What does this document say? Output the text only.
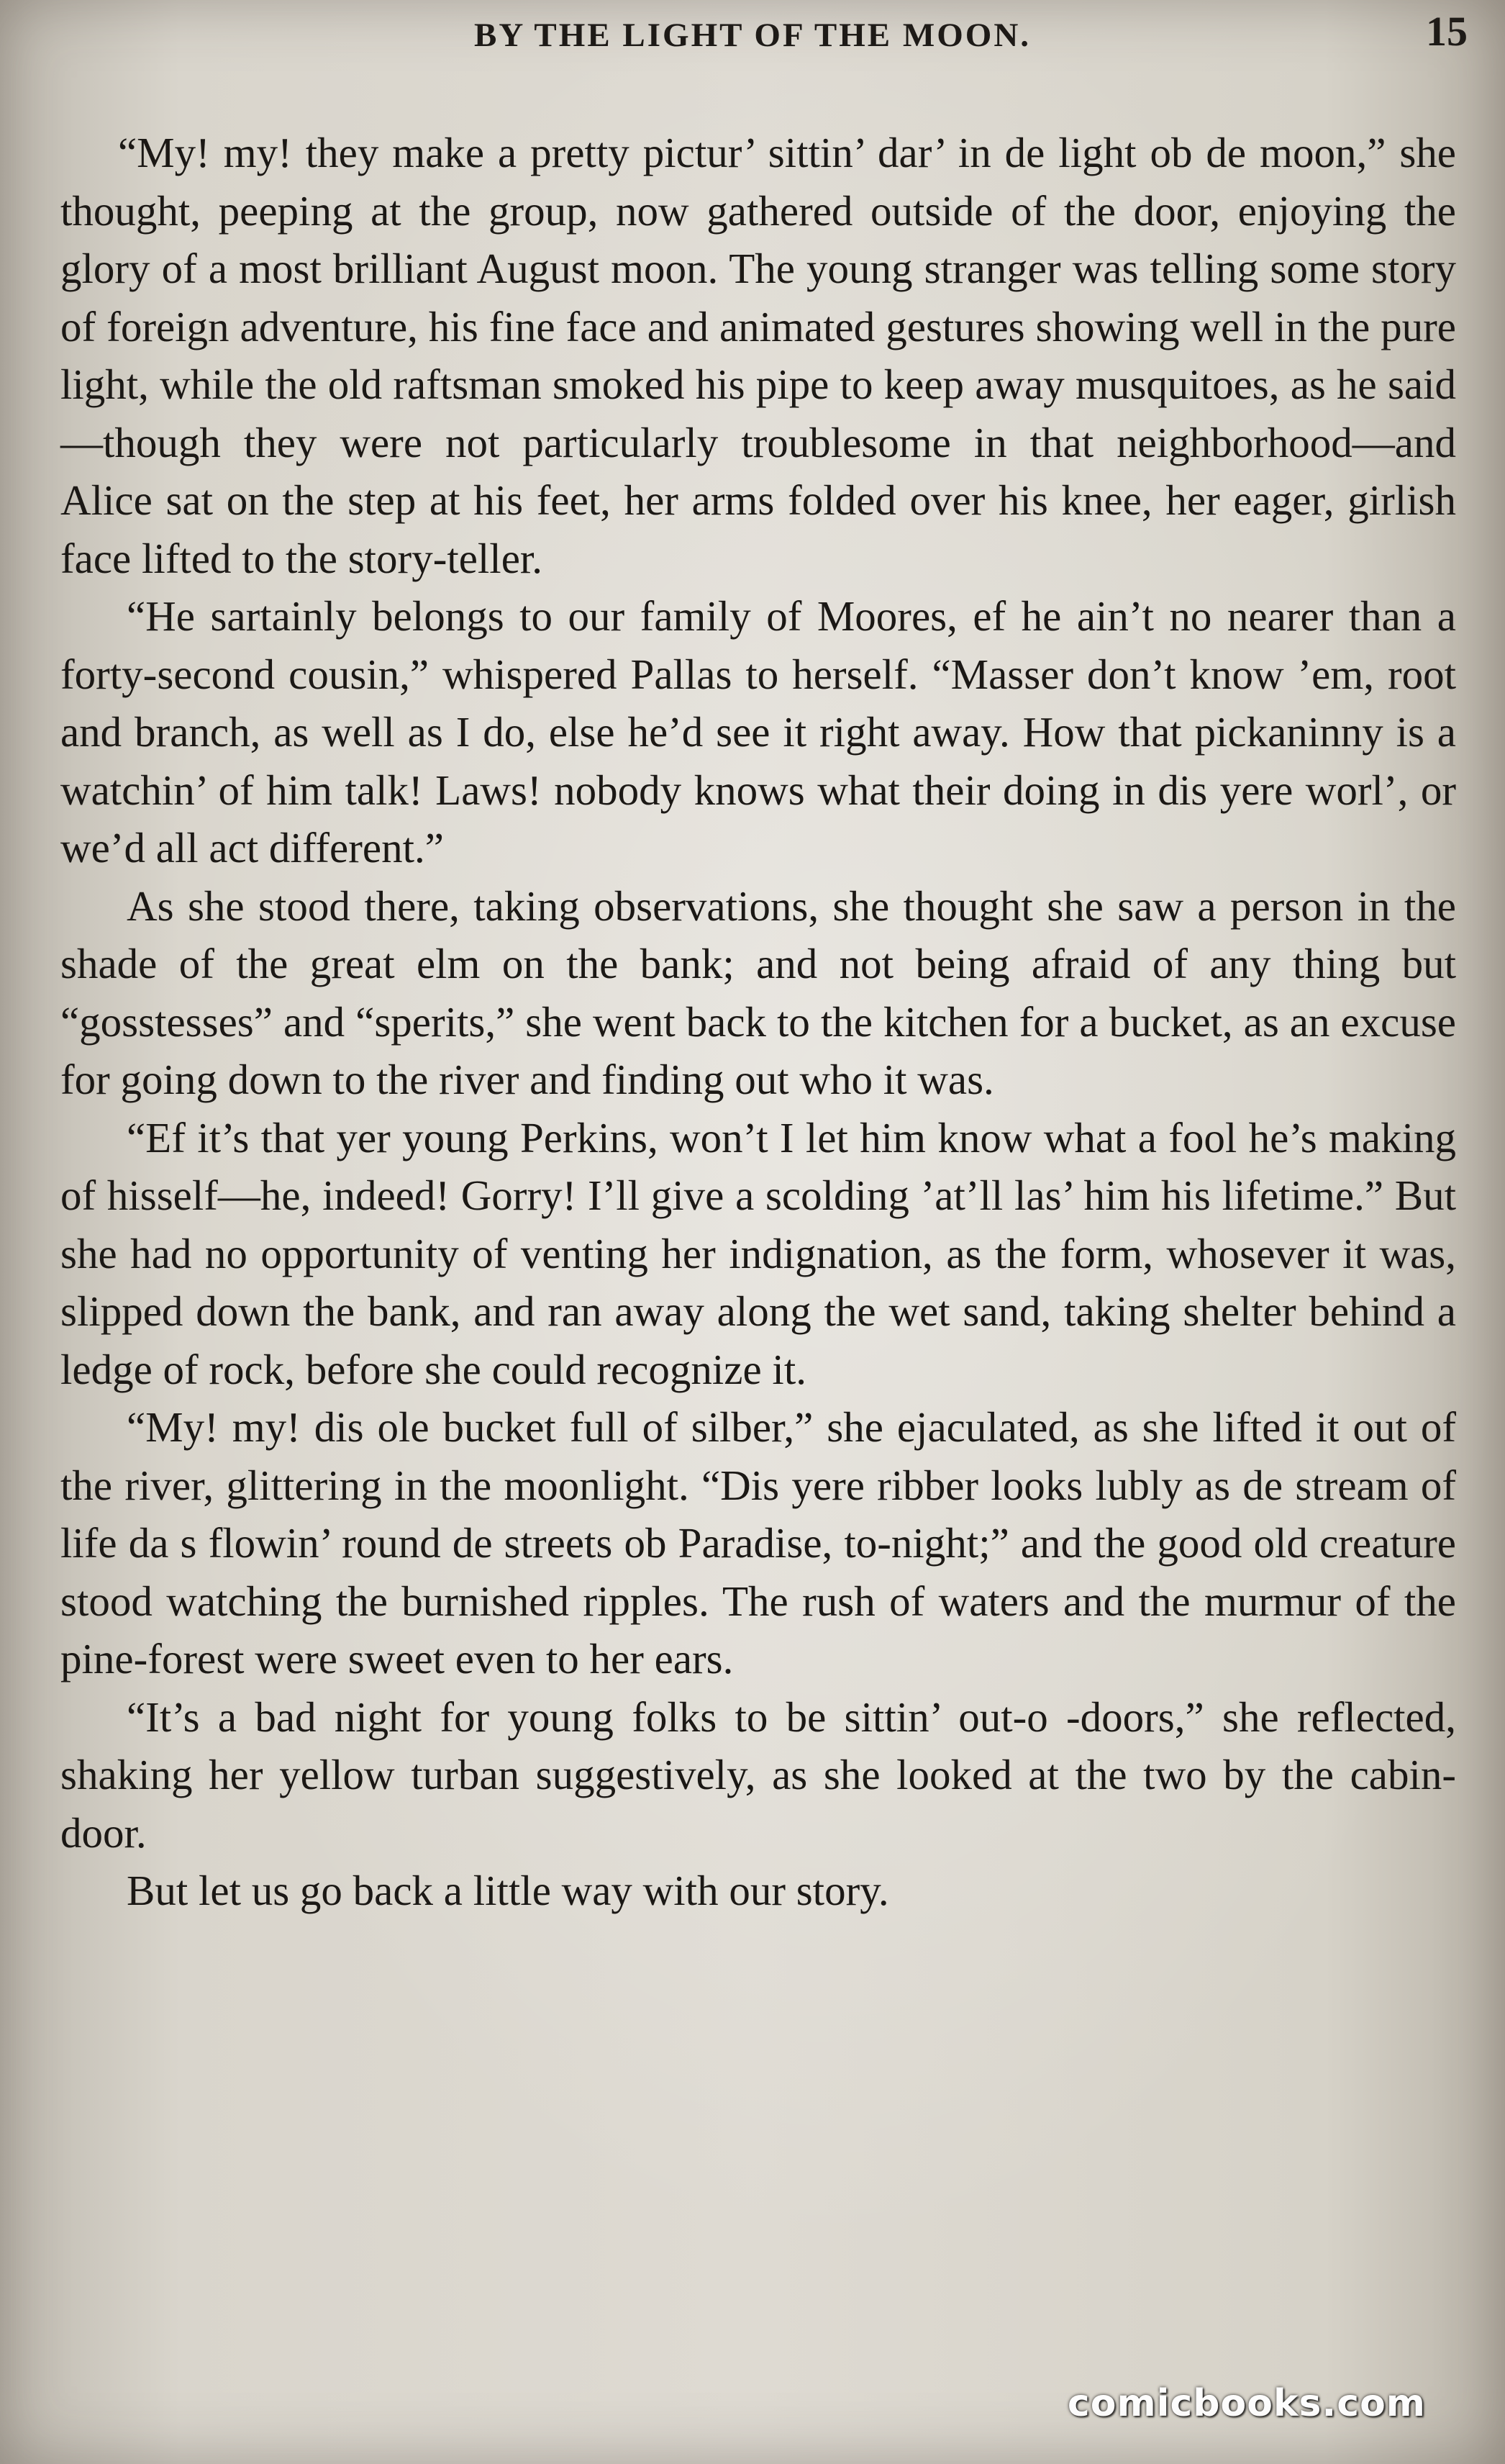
BY THE LIGHT OF THE MOON.	15

“My! my! they make a pretty pictur’ sittin’ dar’ in de light ob de moon,” she thought, peeping at the group, now gathered outside of the door, enjoying the glory of a most brilliant August moon. The young stranger was telling some story of foreign adventure, his fine face and animated gestures showing well in the pure light, while the old raftsman smoked his pipe to keep away musquitoes, as he said—though they were not particularly troublesome in that neighborhood—and Alice sat on the step at his feet, her arms folded over his knee, her eager, girlish face lifted to the story-teller.

“He sartainly belongs to our family of Moores, ef he ain’t no nearer than a forty-second cousin,” whispered Pallas to herself. “Masser don’t know ’em, root and branch, as well as I do, else he’d see it right away. How that pickaninny is a watchin’ of him talk! Laws! nobody knows what their doing in dis yere worl’, or we’d all act different.”

As she stood there, taking observations, she thought she saw a person in the shade of the great elm on the bank; and not being afraid of any thing but “gosstesses” and “sperits,” she went back to the kitchen for a bucket, as an excuse for going down to the river and finding out who it was.

“Ef it’s that yer young Perkins, won’t I let him know what a fool he’s making of hisself—he, indeed! Gorry! I’ll give a scolding ’at’ll las’ him his lifetime.” But she had no opportunity of venting her indignation, as the form, whosever it was, slipped down the bank, and ran away along the wet sand, taking shelter behind a ledge of rock, before she could recognize it.

“My! my! dis ole bucket full of silber,” she ejaculated, as she lifted it out of the river, glittering in the moonlight. “Dis yere ribber looks lubly as de stream of life da s flowin’ round de streets ob Paradise, to-night;” and the good old creature stood watching the burnished ripples. The rush of waters and the murmur of the pine-forest were sweet even to her ears.

“It’s a bad night for young folks to be sittin’ out-o -doors,” she reflected, shaking her yellow turban suggestively, as she looked at the two by the cabin-door.

But let us go back a little way with our story.

comicbooks.com
